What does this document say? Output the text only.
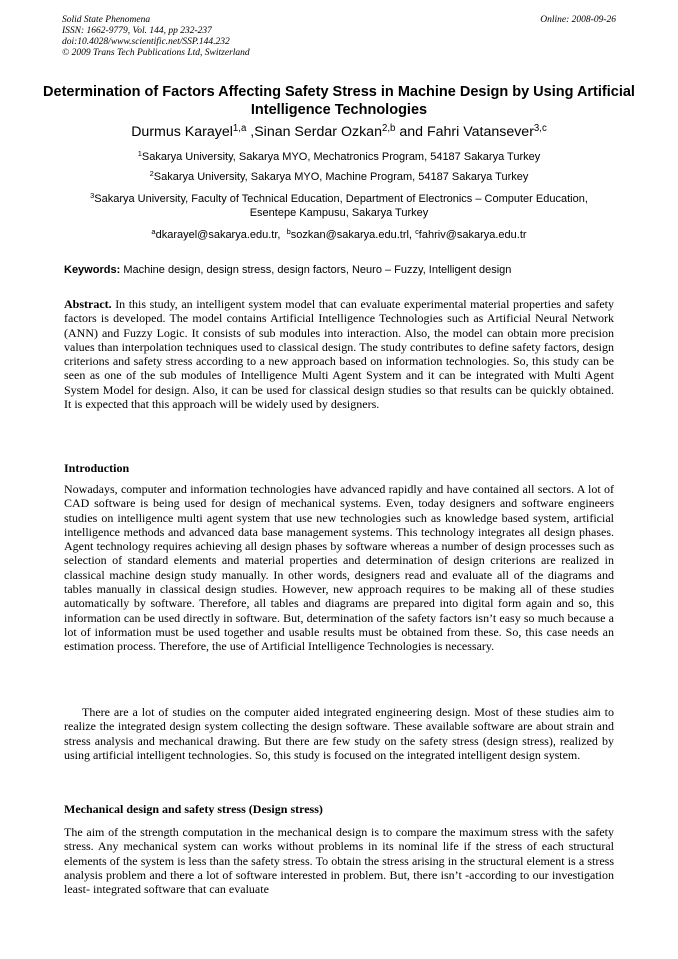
Solid State Phenomena
ISSN: 1662-9779, Vol. 144, pp 232-237
doi:10.4028/www.scientific.net/SSP.144.232
© 2009 Trans Tech Publications Ltd, Switzerland
Online: 2008-09-26
Determination of Factors Affecting Safety Stress in Machine Design by Using Artificial Intelligence Technologies
Durmus Karayel$^{1,a}$ ,Sinan Serdar Ozkan$^{2,b}$ and Fahri Vatansever$^{3,c}$
$^1$Sakarya University, Sakarya MYO, Mechatronics Program, 54187 Sakarya Turkey
$^2$Sakarya University, Sakarya MYO, Machine Program, 54187 Sakarya Turkey
$^3$Sakarya University, Faculty of Technical Education, Department of Electronics – Computer Education, Esentepe Kampusu, Sakarya Turkey
$^a$dkarayel@sakarya.edu.tr, $^b$sozkan@sakarya.edu.trl, $^c$fahriv@sakarya.edu.tr
Keywords: Machine design, design stress, design factors, Neuro – Fuzzy, Intelligent design
Abstract. In this study, an intelligent system model that can evaluate experimental material properties and safety factors is developed. The model contains Artificial Intelligence Technologies such as Artificial Neural Network (ANN) and Fuzzy Logic. It consists of sub modules into interaction. Also, the model can obtain more precision values than interpolation techniques used to classical design. The study contributes to define safety factors, design criterions and safety stress according to a new approach based on information technologies. So, this study can be seen as one of the sub modules of Intelligence Multi Agent System and it can be integrated with Multi Agent System Model for design. Also, it can be used for classical design studies so that results can be quickly obtained. It is expected that this approach will be widely used by designers.
Introduction
Nowadays, computer and information technologies have advanced rapidly and have contained all sectors. A lot of CAD software is being used for design of mechanical systems. Even, today designers and software engineers studies on intelligence multi agent system that use new technologies such as knowledge based system, artificial intelligence methods and advanced data base management systems. This technology integrates all design phases. Agent technology requires achieving all design phases by software whereas a number of design processes such as selection of standard elements and material properties and determination of design criterions are realized in classical machine design study manually. In other words, designers read and evaluate all of the diagrams and tables manually in classical design studies. However, new approach requires to be making all of these studies automatically by software. Therefore, all tables and diagrams are prepared into digital form again and so, this information can be used directly in software. But, determination of the safety factors isn’t easy so much because a lot of information must be used together and usable results must be obtained from these. So, this case needs an estimation process. Therefore, the use of Artificial Intelligence Technologies is necessary.
There are a lot of studies on the computer aided integrated engineering design. Most of these studies aim to realize the integrated design system collecting the design software. These available software are about strain and stress analysis and mechanical drawing. But there are few study on the safety stress (design stress), realized by using artificial intelligent technologies. So, this study is focused on the integrated intelligent design system.
Mechanical design and safety stress (Design stress)
The aim of the strength computation in the mechanical design is to compare the maximum stress with the safety stress. Any mechanical system can works without problems in its nominal life if the stress of each structural elements of the system is less than the safety stress. To obtain the stress arising in the structural element is a stress analysis problem and there a lot of software interested in problem. But, there isn’t -according to our investigation least- integrated software that can evaluate
